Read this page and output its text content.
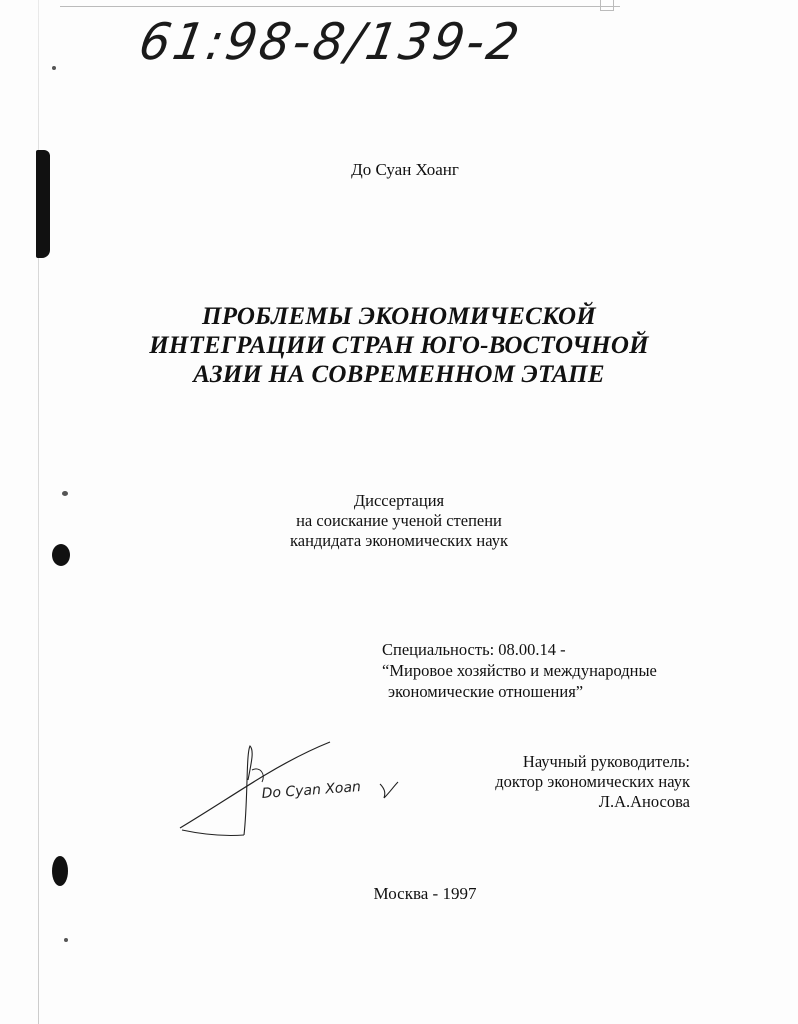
61:98-8/139-2
До Суан Хоанг
ПРОБЛЕМЫ ЭКОНОМИЧЕСКОЙ
ИНТЕГРАЦИИ СТРАН ЮГО-ВОСТОЧНОЙ
АЗИИ НА СОВРЕМЕННОМ ЭТАПЕ
Диссертация
на соискание ученой степени
кандидата экономических наук
Специальность: 08.00.14 -
“Мировое хозяйство и международные
экономические отношения”
Do Cyan Xoan
Научный руководитель:
доктор экономических наук
Л.А.Аносова
Москва - 1997
